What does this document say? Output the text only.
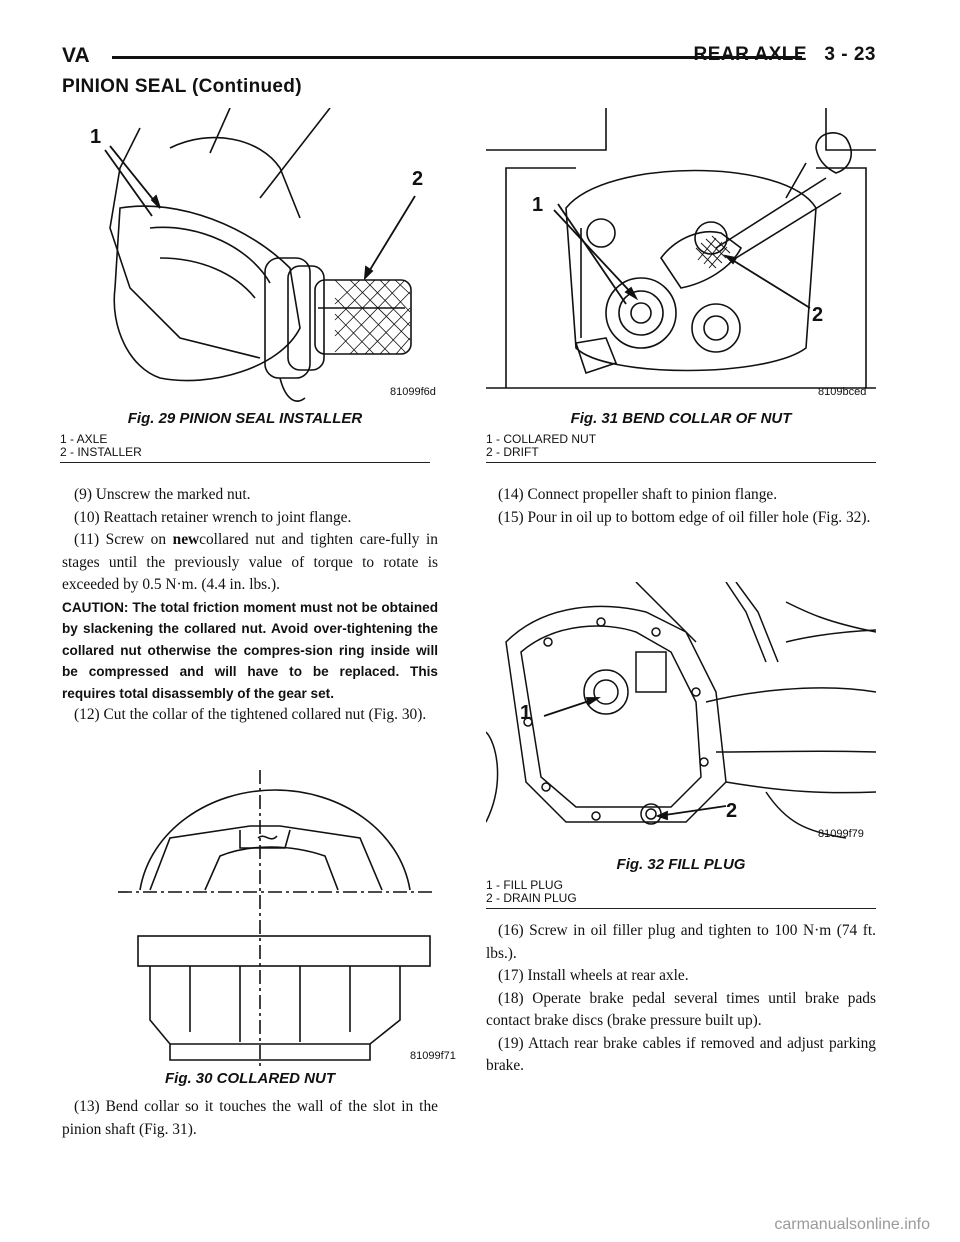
VA	REAR AXLE   3 - 23
PINION SEAL (Continued)
1
2
81099f6d
Fig. 29 PINION SEAL INSTALLER
1 - AXLE
2 - INSTALLER
1
2
8109bced
Fig. 31 BEND COLLAR OF NUT
1 - COLLARED NUT
2 - DRIFT

(9) Unscrew the marked nut.

(10) Reattach retainer wrench to joint flange.

(11) Screw on newcollared nut and tighten care-fully in stages until the previously value of torque to rotate is exceeded by 0.5 N·m. (4.4 in. lbs.).

CAUTION: The total friction moment must not be obtained by slackening the collared nut. Avoid over-tightening the collared nut otherwise the compres-sion ring inside will be compressed and will have to be replaced. This requires total disassembly of the gear set.

(12) Cut the collar of the tightened collared nut (Fig. 30).

81099f71
Fig. 30 COLLARED NUT

(13) Bend collar so it touches the wall of the slot in the pinion shaft (Fig. 31).

(14) Connect propeller shaft to pinion flange.

(15) Pour in oil up to bottom edge of oil filler hole (Fig. 32).

1
2
81099f79
Fig. 32 FILL PLUG
1 - FILL PLUG
2 - DRAIN PLUG

(16) Screw in oil filler plug and tighten to 100 N·m (74 ft. lbs.).

(17) Install wheels at rear axle.

(18) Operate brake pedal several times until brake pads contact brake discs (brake pressure built up).

(19) Attach rear brake cables if removed and adjust parking brake.

carmanualsonline.info
